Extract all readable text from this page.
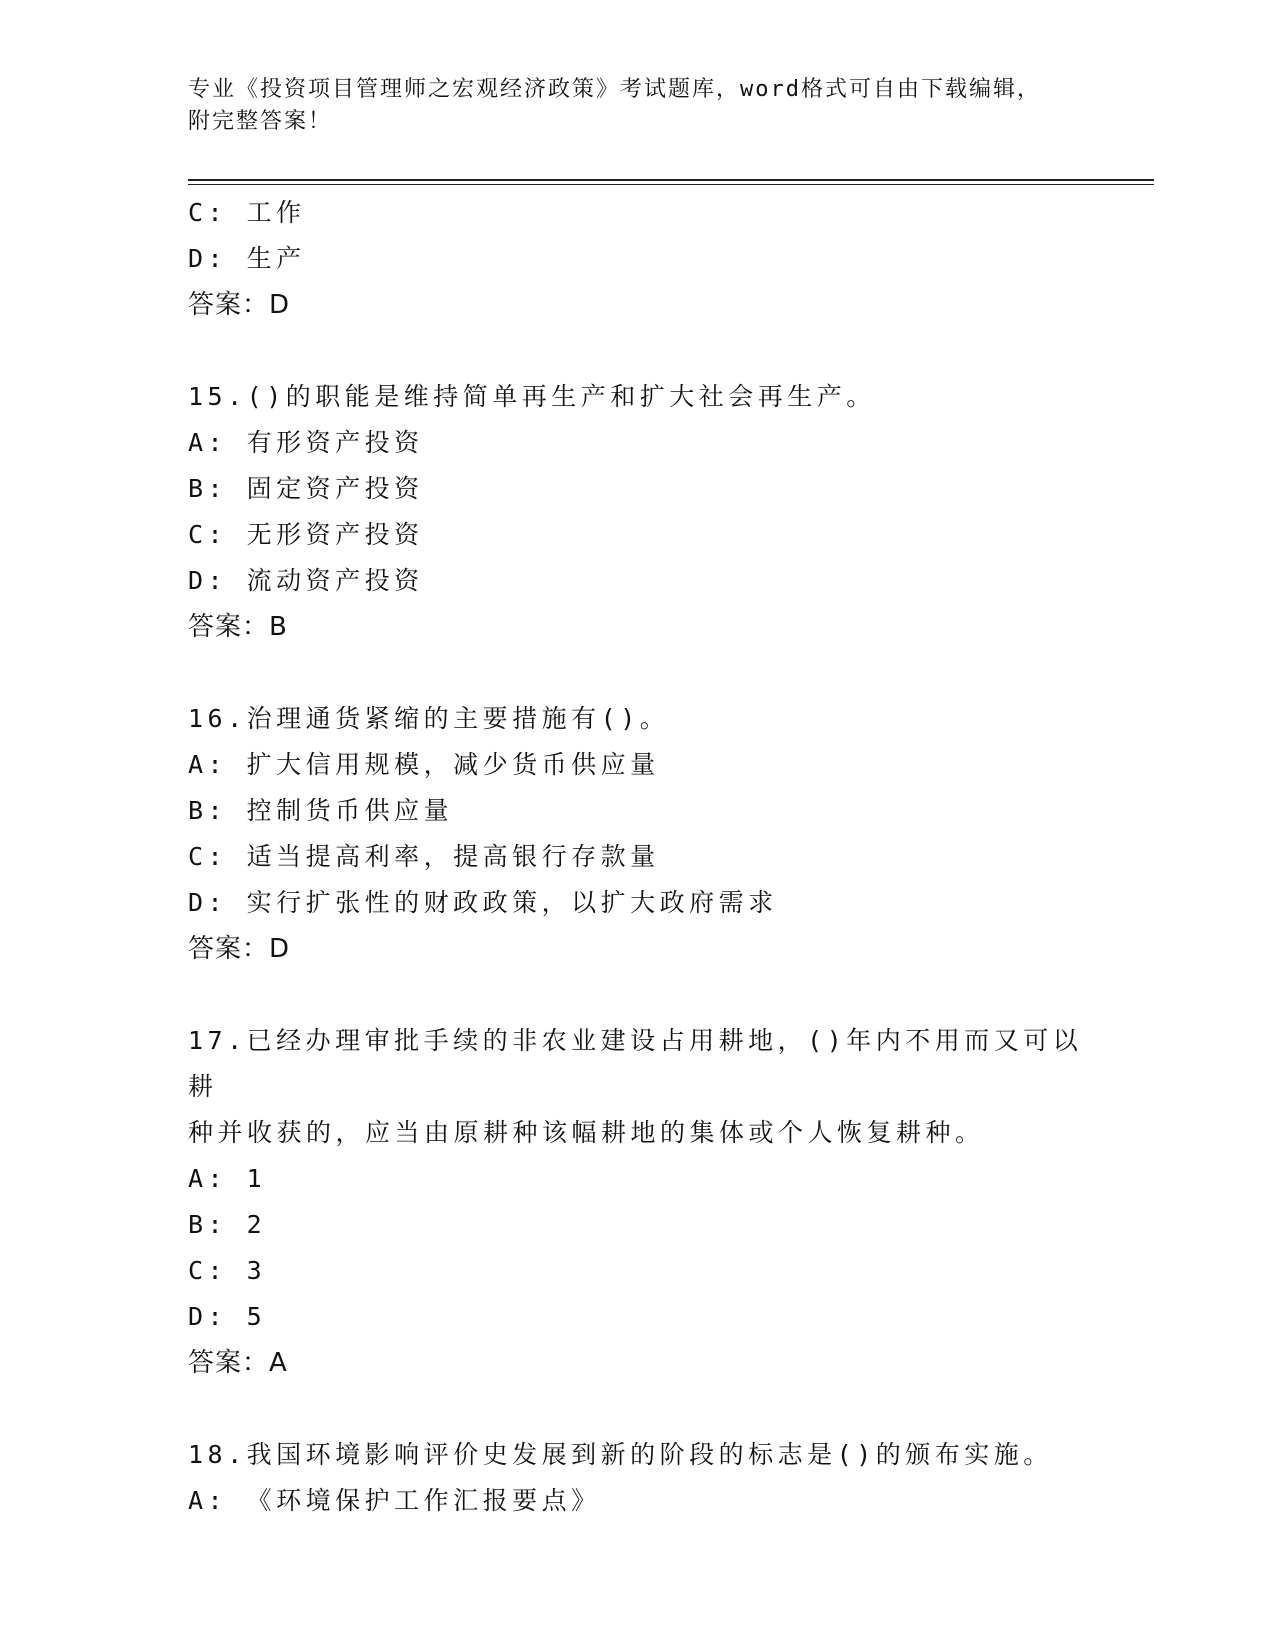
专业《投资项目管理师之宏观经济政策》考试题库，word格式可自由下载编辑，
附完整答案！
C: 工作
D: 生产
答案：D
15.()的职能是维持简单再生产和扩大社会再生产。
A: 有形资产投资
B: 固定资产投资
C: 无形资产投资
D: 流动资产投资
答案：B
16.治理通货紧缩的主要措施有()。
A: 扩大信用规模，减少货币供应量
B: 控制货币供应量
C: 适当提高利率，提高银行存款量
D: 实行扩张性的财政政策，以扩大政府需求
答案：D
17.已经办理审批手续的非农业建设占用耕地，()年内不用而又可以耕
种并收获的，应当由原耕种该幅耕地的集体或个人恢复耕种。
A: 1
B: 2
C: 3
D: 5
答案：A
18.我国环境影响评价史发展到新的阶段的标志是()的颁布实施。
A: 《环境保护工作汇报要点》
